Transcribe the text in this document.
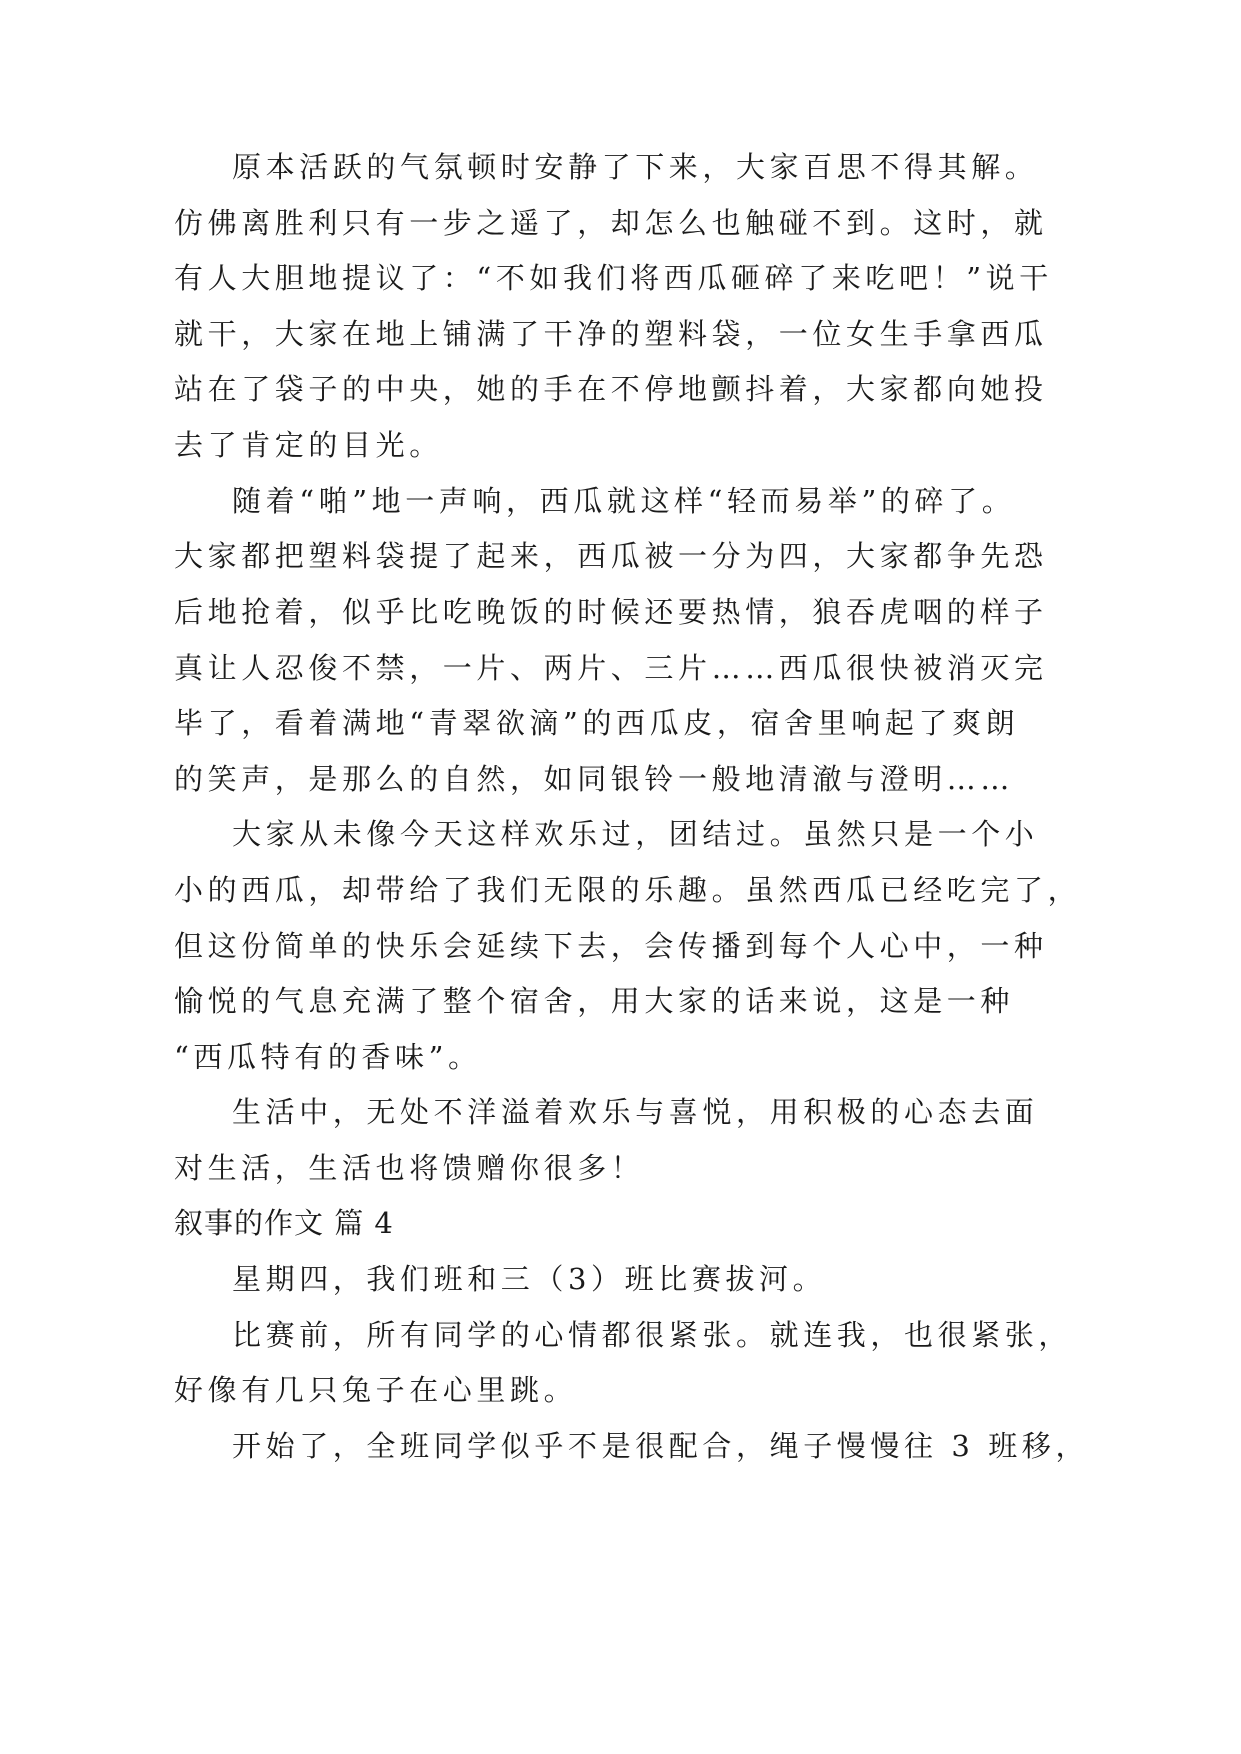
原本活跃的气氛顿时安静了下来，大家百思不得其解。
仿佛离胜利只有一步之遥了，却怎么也触碰不到。这时，就
有人大胆地提议了：“不如我们将西瓜砸碎了来吃吧！”说干
就干，大家在地上铺满了干净的塑料袋，一位女生手拿西瓜
站在了袋子的中央，她的手在不停地颤抖着，大家都向她投
去了肯定的目光。
随着“啪”地一声响，西瓜就这样“轻而易举”的碎了。
大家都把塑料袋提了起来，西瓜被一分为四，大家都争先恐
后地抢着，似乎比吃晚饭的时候还要热情，狼吞虎咽的样子
真让人忍俊不禁，一片、两片、三片……西瓜很快被消灭完
毕了，看着满地“青翠欲滴”的西瓜皮，宿舍里响起了爽朗
的笑声，是那么的自然，如同银铃一般地清澈与澄明……
大家从未像今天这样欢乐过，团结过。虽然只是一个小
小的西瓜，却带给了我们无限的乐趣。虽然西瓜已经吃完了，
但这份简单的快乐会延续下去，会传播到每个人心中，一种
愉悦的气息充满了整个宿舍，用大家的话来说，这是一种
“西瓜特有的香味”。
生活中，无处不洋溢着欢乐与喜悦，用积极的心态去面
对生活，生活也将馈赠你很多！
叙事的作文 篇 4
星期四，我们班和三（3）班比赛拔河。
比赛前，所有同学的心情都很紧张。就连我，也很紧张，
好像有几只兔子在心里跳。
开始了，全班同学似乎不是很配合，绳子慢慢往 3 班移，
